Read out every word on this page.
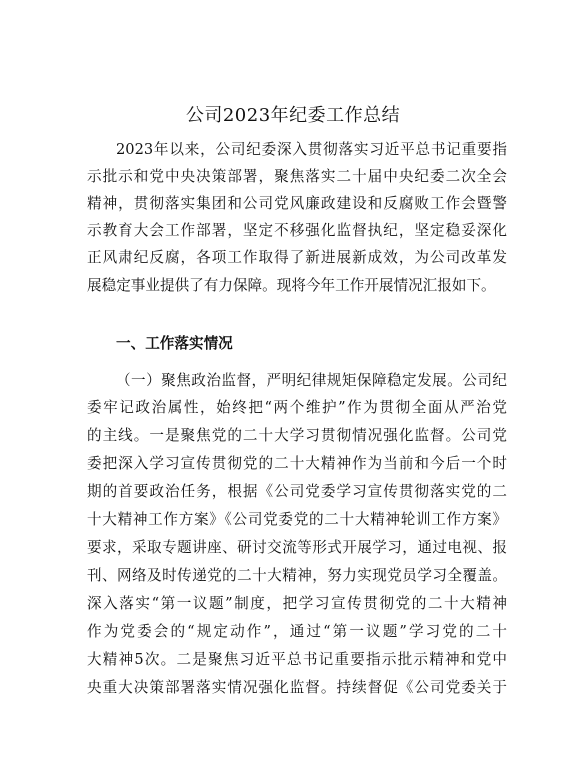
公司2023年纪委工作总结
2023年以来，公司纪委深入贯彻落实习近平总书记重要指
示批示和党中央决策部署，聚焦落实二十届中央纪委二次全会
精神，贯彻落实集团和公司党风廉政建设和反腐败工作会暨警
示教育大会工作部署，坚定不移强化监督执纪，坚定稳妥深化
正风肃纪反腐，各项工作取得了新进展新成效，为公司改革发
展稳定事业提供了有力保障。现将今年工作开展情况汇报如下。
一、工作落实情况
（一）聚焦政治监督，严明纪律规矩保障稳定发展。公司纪
委牢记政治属性，始终把“两个维护”作为贯彻全面从严治党
的主线。一是聚焦党的二十大学习贯彻情况强化监督。公司党
委把深入学习宣传贯彻党的二十大精神作为当前和今后一个时
期的首要政治任务，根据《公司党委学习宣传贯彻落实党的二
十大精神工作方案》《公司党委党的二十大精神轮训工作方案》
要求，采取专题讲座、研讨交流等形式开展学习，通过电视、报
刊、网络及时传递党的二十大精神，努力实现党员学习全覆盖。
深入落实“第一议题”制度，把学习宣传贯彻党的二十大精神
作为党委会的“规定动作”，通过“第一议题”学习党的二十
大精神5次。二是聚焦习近平总书记重要指示批示精神和党中
央重大决策部署落实情况强化监督。持续督促《公司党委关于
